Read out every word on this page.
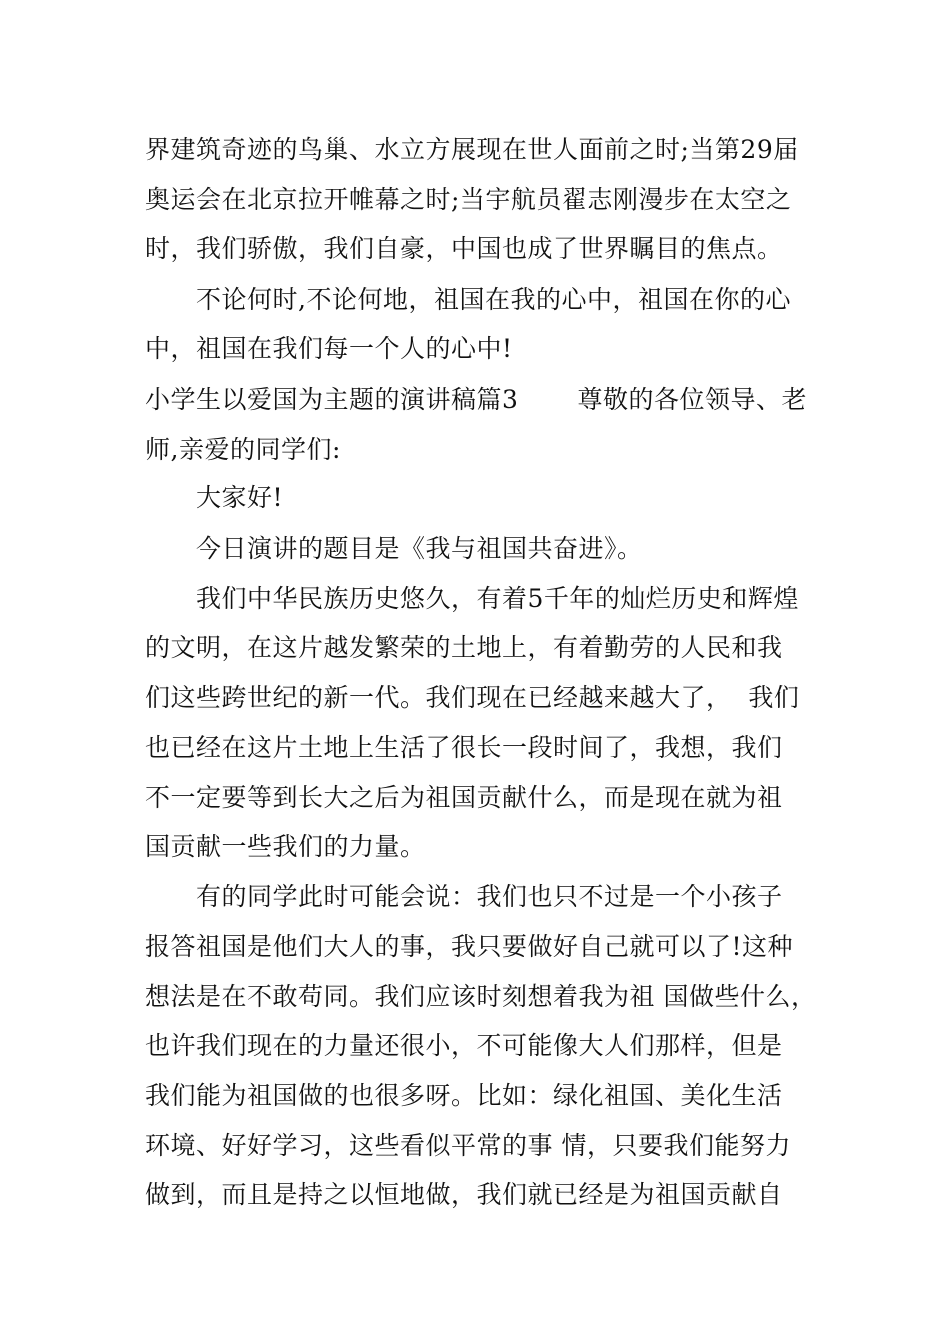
界建筑奇迹的鸟巢、水立方展现在世人面前之时;当第29届
奥运会在北京拉开帷幕之时;当宇航员翟志刚漫步在太空之
时，我们骄傲，我们自豪，中国也成了世界瞩目的焦点。
不论何时,不论何地，祖国在我的心中，祖国在你的心
中，祖国在我们每一个人的心中!
小学生以爱国为主题的演讲稿篇3       尊敬的各位领导、老
师,亲爱的同学们:
大家好!
今日演讲的题目是《我与祖国共奋进》。
我们中华民族历史悠久，有着5千年的灿烂历史和辉煌
的文明，在这片越发繁荣的土地上，有着勤劳的人民和我
们这些跨世纪的新一代。我们现在已经越来越大了，  我们
也已经在这片土地上生活了很长一段时间了，我想，我们
不一定要等到长大之后为祖国贡献什么，而是现在就为祖
国贡献一些我们的力量。
有的同学此时可能会说：我们也只不过是一个小孩子
报答祖国是他们大人的事，我只要做好自己就可以了!这种
想法是在不敢苟同。我们应该时刻想着我为祖 国做些什么，
也许我们现在的力量还很小，不可能像大人们那样，但是
我们能为祖国做的也很多呀。比如：绿化祖国、美化生活
环境、好好学习，这些看似平常的事 情，只要我们能努力
做到，而且是持之以恒地做，我们就已经是为祖国贡献自
